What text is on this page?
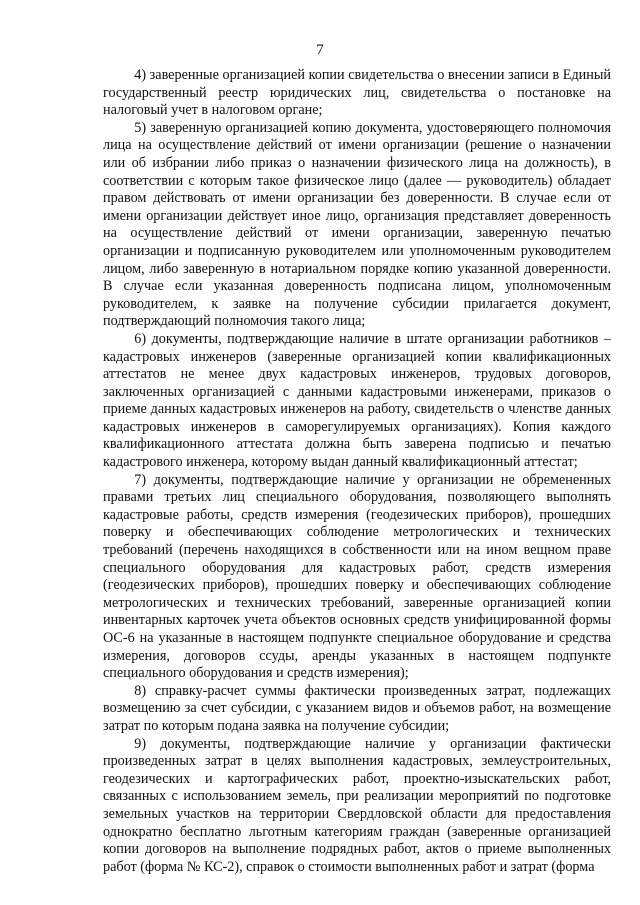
7

4) заверенные организацией копии свидетельства о внесении записи в Единый государственный реестр юридических лиц, свидетельства о постановке на налоговый учет в налоговом органе;

5) заверенную организацией копию документа, удостоверяющего полномочия лица на осуществление действий от имени организации (решение о назначении или об избрании либо приказ о назначении физического лица на должность), в соответствии с которым такое физическое лицо (далее — руководитель) обладает правом действовать от имени организации без доверенности. В случае если от имени организации действует иное лицо, организация представляет доверенность на осуществление действий от имени организации, заверенную печатью организации и подписанную руководителем или уполномоченным руководителем лицом, либо заверенную в нотариальном порядке копию указанной доверенности. В случае если указанная доверенность подписана лицом, уполномоченным руководителем, к заявке на получение субсидии прилагается документ, подтверждающий полномочия такого лица;

6) документы, подтверждающие наличие в штате организации работников – кадастровых инженеров (заверенные организацией копии квалификационных аттестатов не менее двух кадастровых инженеров, трудовых договоров, заключенных организацией с данными кадастровыми инженерами, приказов о приеме данных кадастровых инженеров на работу, свидетельств о членстве данных кадастровых инженеров в саморегулируемых организациях). Копия каждого квалификационного аттестата должна быть заверена подписью и печатью кадастрового инженера, которому выдан данный квалификационный аттестат;

7) документы, подтверждающие наличие у организации не обремененных правами третьих лиц специального оборудования, позволяющего выполнять кадастровые работы, средств измерения (геодезических приборов), прошедших поверку и обеспечивающих соблюдение метрологических и технических требований (перечень находящихся в собственности или на ином вещном праве специального оборудования для кадастровых работ, средств измерения (геодезических приборов), прошедших поверку и обеспечивающих соблюдение метрологических и технических требований, заверенные организацией копии инвентарных карточек учета объектов основных средств унифицированной формы ОС-6 на указанные в настоящем подпункте специальное оборудование и средства измерения, договоров ссуды, аренды указанных в настоящем подпункте специального оборудования и средств измерения);

8) справку-расчет суммы фактически произведенных затрат, подлежащих возмещению за счет субсидии, с указанием видов и объемов работ, на возмещение затрат по которым подана заявка на получение субсидии;

9) документы, подтверждающие наличие у организации фактически произведенных затрат в целях выполнения кадастровых, землеустроительных, геодезических и картографических работ, проектно-изыскательских работ, связанных с использованием земель, при реализации мероприятий по подготовке земельных участков на территории Свердловской области для предоставления однократно бесплатно льготным категориям граждан (заверенные организацией копии договоров на выполнение подрядных работ, актов о приеме выполненных работ (форма № КС-2), справок о стоимости выполненных работ и затрат (форма
